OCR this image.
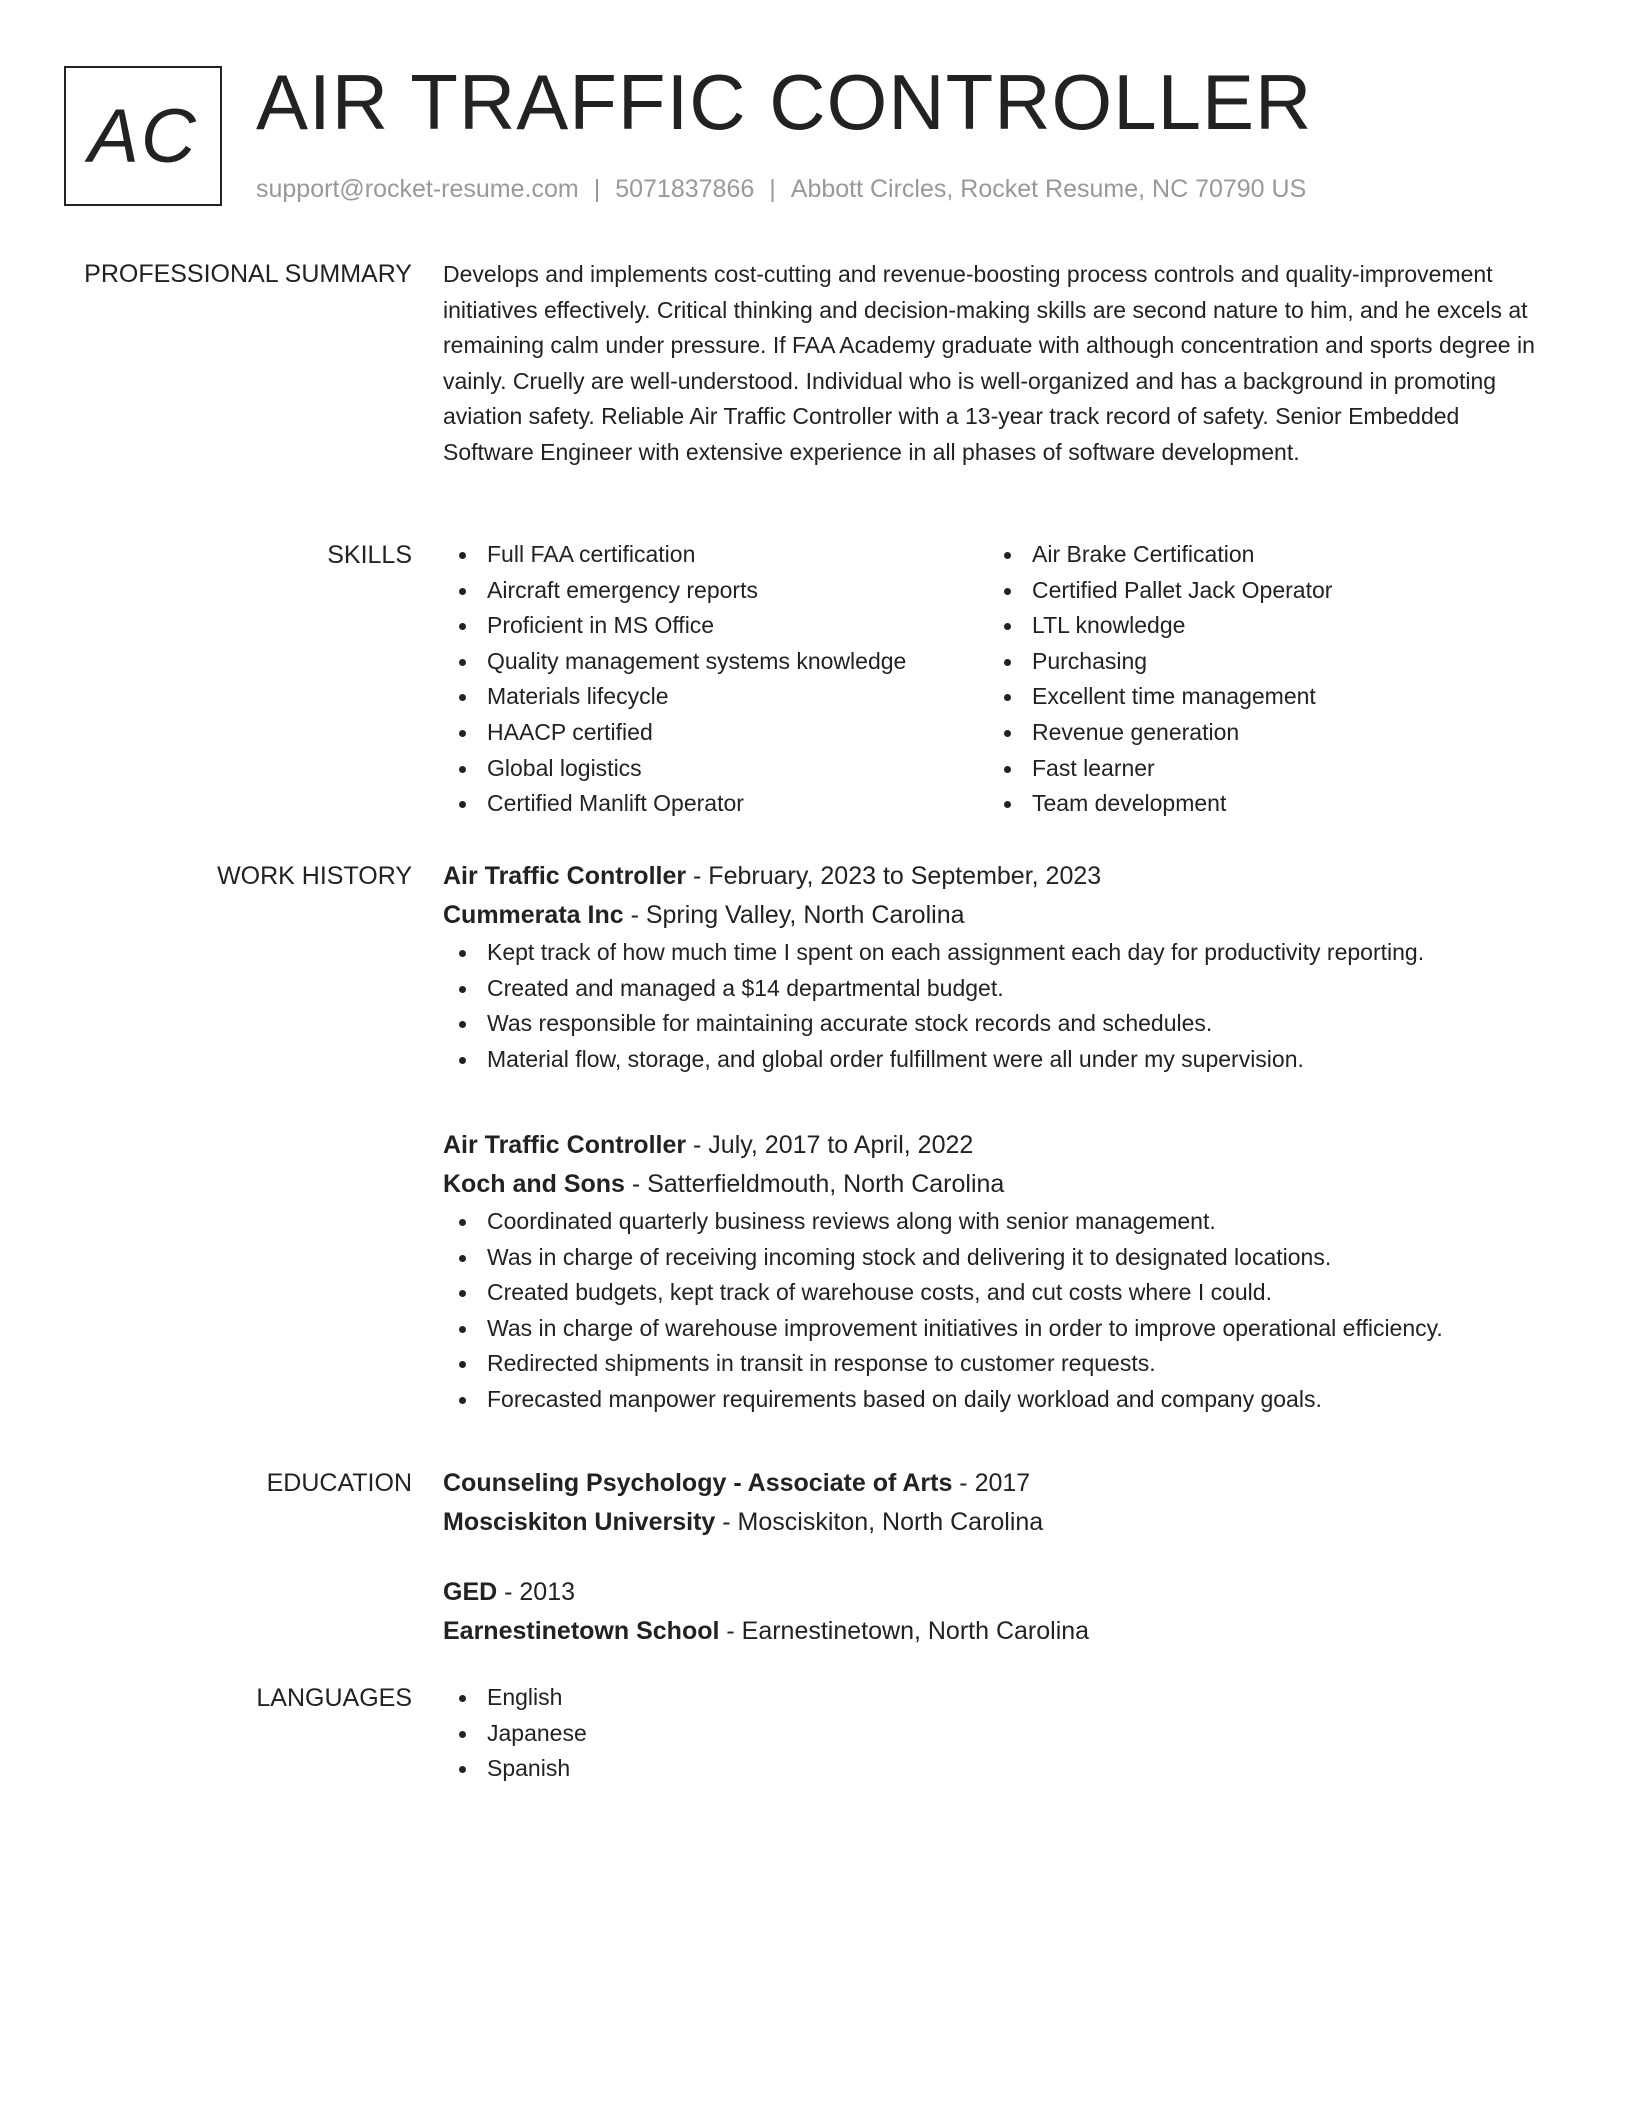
AC AIR TRAFFIC CONTROLLER
support@rocket-resume.com | 5071837866 | Abbott Circles, Rocket Resume, NC 70790 US
PROFESSIONAL SUMMARY Develops and implements cost-cutting and revenue-boosting process controls and quality-improvement initiatives effectively. Critical thinking and decision-making skills are second nature to him, and he excels at remaining calm under pressure. If FAA Academy graduate with although concentration and sports degree in vainly. Cruelly are well-understood. Individual who is well-organized and has a background in promoting aviation safety. Reliable Air Traffic Controller with a 13-year track record of safety. Senior Embedded Software Engineer with extensive experience in all phases of software development.
SKILLS	Full FAA certification
Aircraft emergency reports
Proficient in MS Office
Quality management systems knowledge
Materials lifecycle
HAACP certified
Global logistics
Certified Manlift Operator
Air Brake Certification
Certified Pallet Jack Operator
LTL knowledge
Purchasing
Excellent time management
Revenue generation
Fast learner
Team development
WORK HISTORY Air Traffic Controller - February, 2023 to September, 2023
Cummerata Inc - Spring Valley, North Carolina
Kept track of how much time I spent on each assignment each day for productivity reporting.
Created and managed a $14 departmental budget.
Was responsible for maintaining accurate stock records and schedules.
Material flow, storage, and global order fulfillment were all under my supervision.
Air Traffic Controller - July, 2017 to April, 2022
Koch and Sons - Satterfieldmouth, North Carolina
Coordinated quarterly business reviews along with senior management.
Was in charge of receiving incoming stock and delivering it to designated locations.
Created budgets, kept track of warehouse costs, and cut costs where I could.
Was in charge of warehouse improvement initiatives in order to improve operational efficiency.
Redirected shipments in transit in response to customer requests.
Forecasted manpower requirements based on daily workload and company goals.
EDUCATION Counseling Psychology - Associate of Arts - 2017
Mosciskiton University - Mosciskiton, North Carolina
GED - 2013
Earnestinetown School - Earnestinetown, North Carolina
LANGUAGES	English
Japanese
Spanish
